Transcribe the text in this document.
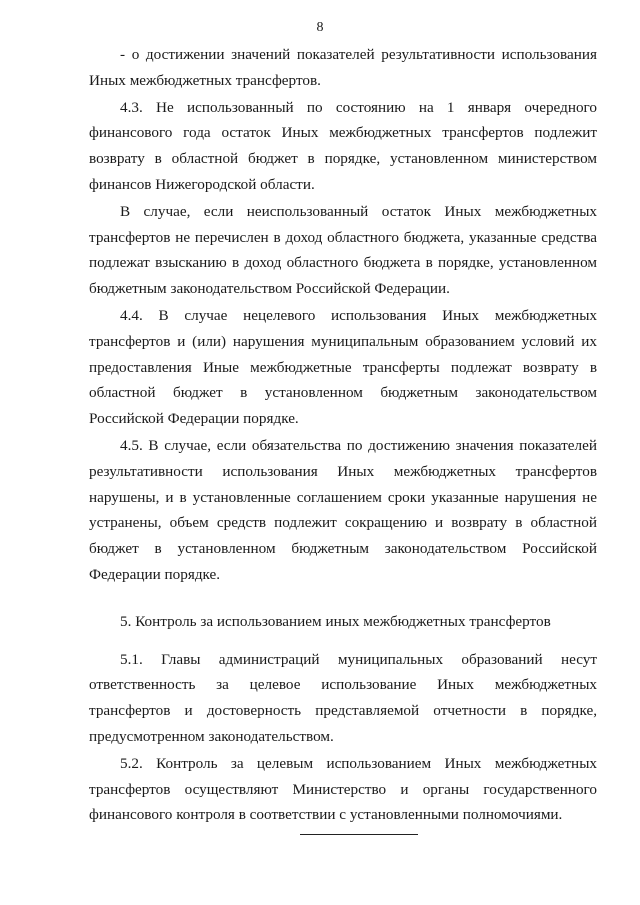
8

- о достижении значений показателей результативности использования Иных межбюджетных трансфертов.

4.3. Не использованный по состоянию на 1 января очередного финансового года остаток Иных межбюджетных трансфертов подлежит возврату в областной бюджет в порядке, установленном министерством финансов Нижегородской области.

В случае, если неиспользованный остаток Иных межбюджетных трансфертов не перечислен в доход областного бюджета, указанные средства подлежат взысканию в доход областного бюджета в порядке, установленном бюджетным законодательством Российской Федерации.

4.4. В случае нецелевого использования Иных межбюджетных трансфертов и (или) нарушения муниципальным образованием условий их предоставления Иные межбюджетные трансферты подлежат возврату в областной бюджет в установленном бюджетным законодательством Российской Федерации порядке.

4.5. В случае, если обязательства по достижению значения показателей результативности использования Иных межбюджетных трансфертов нарушены, и в установленные соглашением сроки указанные нарушения не устранены, объем средств подлежит сокращению и возврату в областной бюджет в установленном бюджетным законодательством Российской Федерации порядке.

5. Контроль за использованием иных межбюджетных трансфертов

5.1. Главы администраций муниципальных образований несут ответственность за целевое использование Иных межбюджетных трансфертов и достоверность представляемой отчетности в порядке, предусмотренном законодательством.

5.2. Контроль за целевым использованием Иных межбюджетных трансфертов осуществляют Министерство и органы государственного финансового контроля в соответствии с установленными полномочиями.
